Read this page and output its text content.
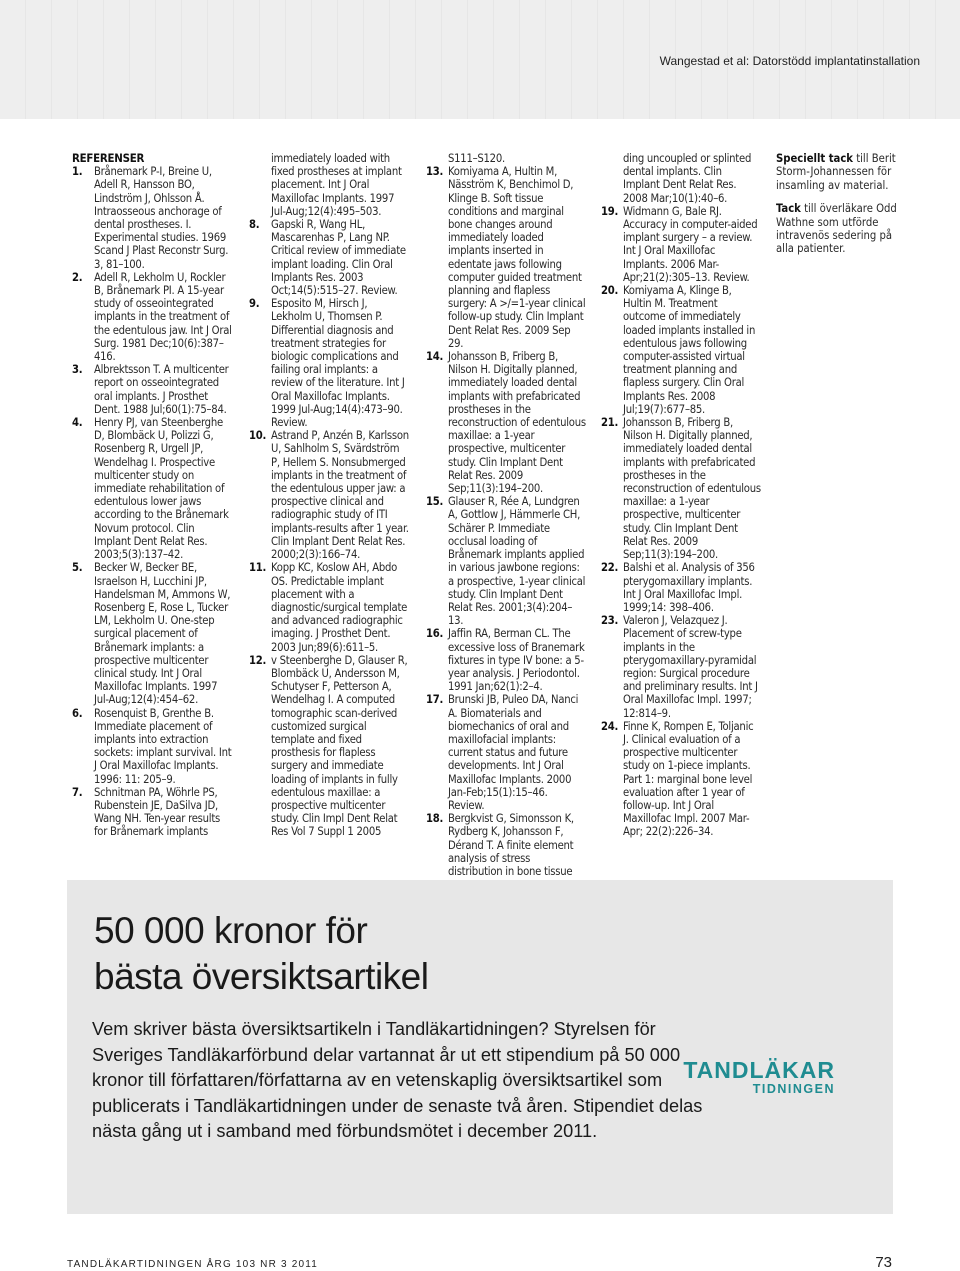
Wangestad et al: Datorstödd implantatinstallation
REFERENSER
1.	Brånemark P-I, Breine U, Adell R, Hansson BO, Lindström J, Ohlsson Å. Intraosseous anchorage of dental prostheses. I. Experimental studies. 1969 Scand J Plast Reconstr Surg. 3, 81–100.
2.	Adell R, Lekholm U, Rockler B, Brånemark PI. A 15-year study of osseointegrated implants in the treatment of the edentulous jaw. Int J Oral Surg. 1981 Dec;10(6):387–416.
3.	Albrektsson T. A multicenter report on osseointegrated oral implants. J Prosthet Dent. 1988 Jul;60(1):75–84.
4.	Henry PJ, van Steenberghe D, Blombäck U, Polizzi G, Rosenberg R, Urgell JP, Wendelhag I. Prospective multicenter study on immediate rehabilitation of edentulous lower jaws according to the Brånemark Novum protocol. Clin Implant Dent Relat Res. 2003;5(3):137–42.
5.	Becker W, Becker BE, Israelson H, Lucchini JP, Handelsman M, Ammons W, Rosenberg E, Rose L, Tucker LM, Lekholm U. One-step surgical placement of Brånemark implants: a prospective multicenter clinical study. Int J Oral Maxillofac Implants. 1997 Jul-Aug;12(4):454–62.
6.	Rosenquist B, Grenthe B. Immediate placement of implants into extraction sockets: implant survival. Int J Oral Maxillofac Implants. 1996: 11: 205–9.
7.	Schnitman PA, Wöhrle PS, Rubenstein JE, DaSilva JD, Wang NH. Ten-year results for Brånemark implants
immediately loaded with fixed prostheses at implant placement. Int J Oral Maxillofac Implants. 1997 Jul-Aug;12(4):495–503.
8.	Gapski R, Wang HL, Mascarenhas P, Lang NP. Critical review of immediate implant loading. Clin Oral Implants Res. 2003 Oct;14(5):515–27. Review.
9.	Esposito M, Hirsch J, Lekholm U, Thomsen P. Differential diagnosis and treatment strategies for biologic complications and failing oral implants: a review of the literature. Int J Oral Maxillofac Implants. 1999 Jul-Aug;14(4):473–90. Review.
10. Astrand P, Anzén B, Karlsson U, Sahlholm S, Svärdström P, Hellem S. Nonsubmerged implants in the treatment of the edentulous upper jaw: a prospective clinical and radiographic study of ITI implants-results after 1 year. Clin Implant Dent Relat Res. 2000;2(3):166–74.
11. Kopp KC, Koslow AH, Abdo OS. Predictable implant placement with a diagnostic/surgical template and advanced radiographic imaging. J Prosthet Dent. 2003 Jun;89(6):611–5.
12. v Steenberghe D, Glauser R, Blombäck U, Andersson M, Schutyser F, Petterson A, Wendelhag I. A computed tomographic scan-derived customized surgical template and fixed prosthesis for flapless surgery and immediate loading of implants in fully edentulous maxillae: a prospective multicenter study. Clin Impl Dent Relat Res Vol 7 Suppl 1 2005
S111–S120.
13. Komiyama A, Hultin M, Näsström K, Benchimol D, Klinge B. Soft tissue conditions and marginal bone changes around immediately loaded implants inserted in edentate jaws following computer guided treatment planning and flapless surgery: A >/=1-year clinical follow-up study. Clin Implant Dent Relat Res. 2009 Sep 29.
14. Johansson B, Friberg B, Nilson H. Digitally planned, immediately loaded dental implants with prefabricated prostheses in the reconstruction of edentulous maxillae: a 1-year prospective, multicenter study. Clin Implant Dent Relat Res. 2009 Sep;11(3):194–200.
15. Glauser R, Rée A, Lundgren A, Gottlow J, Hämmerle CH, Schärer P. Immediate occlusal loading of Brånemark implants applied in various jawbone regions: a prospective, 1-year clinical study. Clin Implant Dent Relat Res. 2001;3(4):204–13.
16. Jaffin RA, Berman CL. The excessive loss of Branemark fixtures in type IV bone: a 5-year analysis. J Periodontol. 1991 Jan;62(1):2–4.
17. Brunski JB, Puleo DA, Nanci A. Biomaterials and biomechanics of oral and maxillofacial implants: current status and future developments. Int J Oral Maxillofac Implants. 2000 Jan-Feb;15(1):15–46. Review.
18. Bergkvist G, Simonsson K, Rydberg K, Johansson F, Dérand T. A finite element analysis of stress distribution in bone tissue
ding uncoupled or splinted dental implants. Clin Implant Dent Relat Res. 2008 Mar;10(1):40–6.
19. Widmann G, Bale RJ. Accuracy in computer-aided implant surgery – a review. Int J Oral Maxillofac Implants. 2006 Mar-Apr;21(2):305–13. Review.
20. Komiyama A, Klinge B, Hultin M. Treatment outcome of immediately loaded implants installed in edentulous jaws following computer-assisted virtual treatment planning and flapless surgery. Clin Oral Implants Res. 2008 Jul;19(7):677–85.
21. Johansson B, Friberg B, Nilson H. Digitally planned, immediately loaded dental implants with prefabricated prostheses in the reconstruction of edentulous maxillae: a 1-year prospective, multicenter study. Clin Implant Dent Relat Res. 2009 Sep;11(3):194–200.
22. Balshi et al. Analysis of 356 pterygomaxillary implants. Int J Oral Maxillofac Impl. 1999;14: 398–406.
23. Valeron J, Velazquez J. Placement of screw-type implants in the pterygomaxillary-pyramidal region: Surgical procedure and preliminary results. Int J Oral Maxillofac Impl. 1997; 12:814–9.
24. Finne K, Rompen E, Toljanic J. Clinical evaluation of a prospective multicenter study on 1-piece implants. Part 1: marginal bone level evaluation after 1 year of follow-up. Int J Oral Maxillofac Impl. 2007 Mar-Apr; 22(2):226–34.

Speciellt tack till Berit Storm-Johannessen för insamling av material.

Tack till överläkare Odd Wathne som utförde intravenös sedering på alla patienter.

50 000 kronor för
bästa översiktsartikel
Vem skriver bästa översiktsartikeln i Tandläkartidningen? Styrelsen för Sveriges Tandläkarförbund delar vartannat år ut ett stipendium på 50 000 kronor till författaren/författarna av en vetenskaplig översiktsartikel som publicerats i Tandläkartidningen under de senaste två åren. Stipendiet delas nästa gång ut i samband med förbundsmötet i december 2011.
TANDLÄKAR
TIDNINGEN
TANDLÄKARTIDNINGEN ÅRG 103 NR 3 2011	73
